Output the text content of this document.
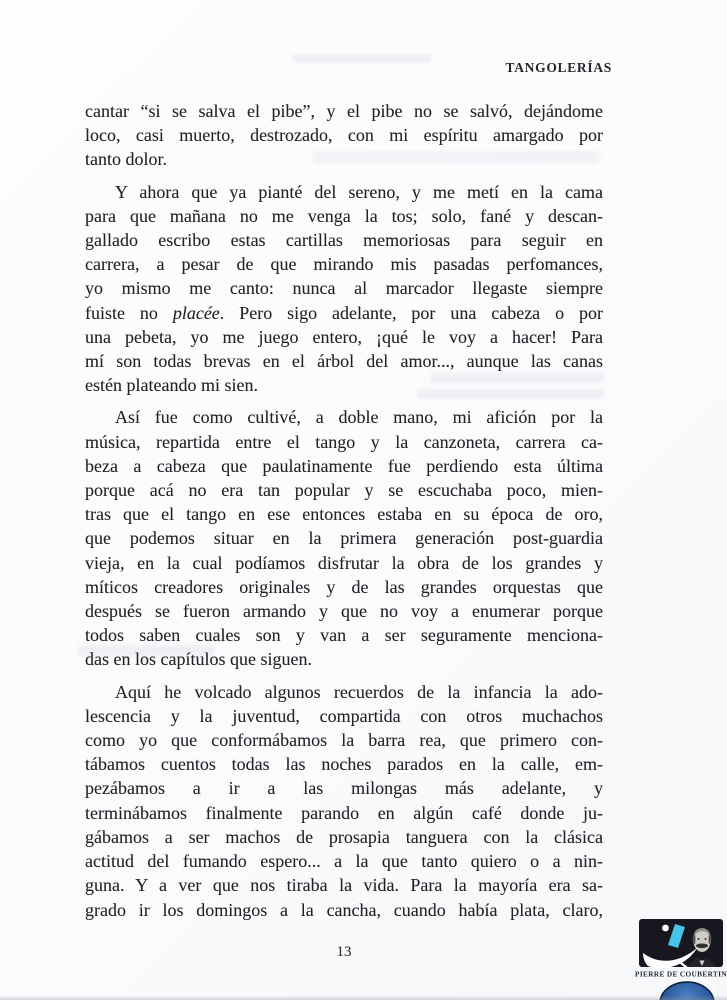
TANGOLERÍAS
cantar “si se salva el pibe”, y el pibe no se salvó, dejándome
loco, casi muerto, destrozado, con mi espíritu amargado por
tanto dolor.
Y ahora que ya pianté del sereno, y me metí en la cama
para que mañana no me venga la tos; solo, fané y descan-
gallado escribo estas cartillas memoriosas para seguir en
carrera, a pesar de que mirando mis pasadas perfomances,
yo mismo me canto: nunca al marcador llegaste siempre
fuiste no placée. Pero sigo adelante, por una cabeza o por
una pebeta, yo me juego entero, ¡qué le voy a hacer! Para
mí son todas brevas en el árbol del amor..., aunque las canas
estén plateando mi sien.
Así fue como cultivé, a doble mano, mi afición por la
música, repartida entre el tango y la canzoneta, carrera ca-
beza a cabeza que paulatinamente fue perdiendo esta última
porque acá no era tan popular y se escuchaba poco, mien-
tras que el tango en ese entonces estaba en su época de oro,
que podemos situar en la primera generación post-guardia
vieja, en la cual podíamos disfrutar la obra de los grandes y
míticos creadores originales y de las grandes orquestas que
después se fueron armando y que no voy a enumerar porque
todos saben cuales son y van a ser seguramente menciona-
das en los capítulos que siguen.
Aquí he volcado algunos recuerdos de la infancia la ado-
lescencia y la juventud, compartida con otros muchachos
como yo que conformábamos la barra rea, que primero con-
tábamos cuentos todas las noches parados en la calle, em-
pezábamos a ir a las milongas más adelante, y
terminábamos finalmente parando en algún café donde ju-
gábamos a ser machos de prosapia tanguera con la clásica
actitud del fumando espero... a la que tanto quiero o a nin-
guna. Y a ver que nos tiraba la vida. Para la mayoría era sa-
grado ir los domingos a la cancha, cuando había plata, claro,
13
PIERRE DE COUBERTIN
